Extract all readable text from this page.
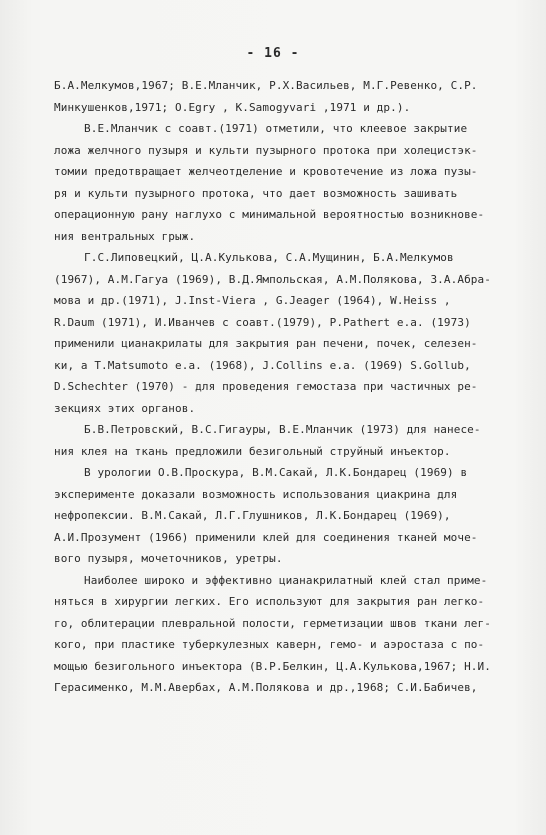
- 16 -
Б.А.Мелкумов,1967; В.Е.Мланчик, Р.Х.Васильев, М.Г.Ревенко, С.Р.
Минкушенков,1971; O.Egry , K.Samogyvari ,1971 и др.).
В.Е.Мланчик с соавт.(1971) отметили, что клеевое закрытие
ложа желчного пузыря и культи пузырного протока при холецистэк-
томии предотвращает желчеотделение и кровотечение из ложа пузы-
ря и культи пузырного протока, что дает возможность зашивать
операционную рану наглухо с минимальной вероятностью возникнове-
ния вентральных грыж.
Г.С.Липовецкий, Ц.А.Кулькова, С.А.Мущинин, Б.А.Мелкумов
(1967), А.М.Гагуа (1969), В.Д.Ямпольская, А.М.Полякова, З.А.Абра-
мова и др.(1971), J.Inst-Viera , G.Jeager (1964), W.Heiss ,
R.Daum (1971), И.Иванчев с соавт.(1979), P.Pathert e.a. (1973)
применили цианакрилаты для закрытия ран печени, почек, селезен-
ки, а T.Matsumoto e.a. (1968), J.Collins e.a. (1969) S.Gollub,
D.Schechter (1970) - для проведения гемостаза при частичных ре-
зекциях этих органов.
Б.В.Петровский, В.С.Гигауры, В.Е.Мланчик (1973) для нанесе-
ния клея на ткань предложили безигольный струйный инъектор.
В урологии О.В.Проскура, В.М.Сакай, Л.К.Бондарец (1969) в
эксперименте доказали возможность использования циакрина для
нефропексии. В.М.Сакай, Л.Г.Глушников, Л.К.Бондарец (1969),
А.И.Прозумент (1966) применили клей для соединения тканей моче-
вого пузыря, мочеточников, уретры.
Наиболее широко и эффективно цианакрилатный клей стал приме-
няться в хирургии легких. Его используют для закрытия ран легко-
го, облитерации плевральной полости, герметизации швов ткани лег-
кого, при пластике туберкулезных каверн, гемо- и аэростаза с по-
мощью безигольного инъектора (В.Р.Белкин, Ц.А.Кулькова,1967; Н.И.
Герасименко, М.М.Авербах, А.М.Полякова и др.,1968; С.И.Бабичев,
